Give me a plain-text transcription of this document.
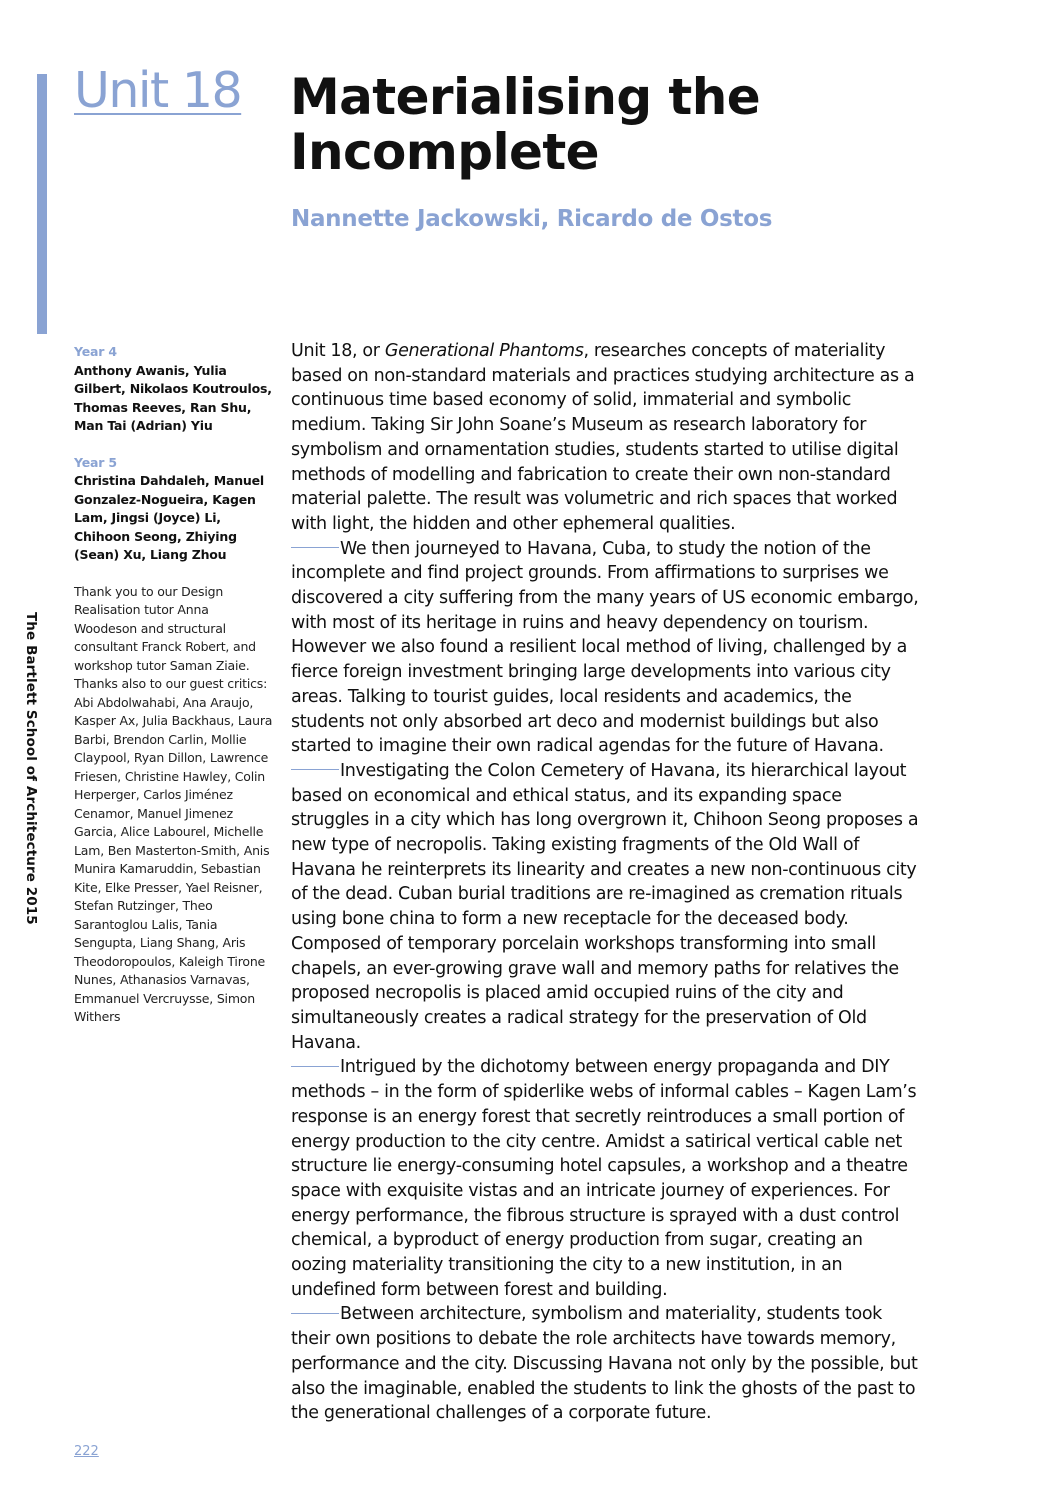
Unit 18 Materialising the Incomplete
Nannette Jackowski, Ricardo de Ostos
The Bartlett School of Architecture 2015
Year 4
Anthony Awanis, Yulia Gilbert, Nikolaos Koutroulos, Thomas Reeves, Ran Shu, Man Tai (Adrian) Yiu
Year 5
Christina Dahdaleh, Manuel Gonzalez-Nogueira, Kagen Lam, Jingsi (Joyce) Li, Chihoon Seong, Zhiying (Sean) Xu, Liang Zhou
Thank you to our Design Realisation tutor Anna Woodeson and structural consultant Franck Robert, and workshop tutor Saman Ziaie. Thanks also to our guest critics: Abi Abdolwahabi, Ana Araujo, Kasper Ax, Julia Backhaus, Laura Barbi, Brendon Carlin, Mollie Claypool, Ryan Dillon, Lawrence Friesen, Christine Hawley, Colin Herperger, Carlos Jiménez Cenamor, Manuel Jimenez Garcia, Alice Labourel, Michelle Lam, Ben Masterton-Smith, Anis Munira Kamaruddin, Sebastian Kite, Elke Presser, Yael Reisner, Stefan Rutzinger, Theo Sarantoglou Lalis, Tania Sengupta, Liang Shang, Aris Theodoropoulos, Kaleigh Tirone Nunes, Athanasios Varnavas, Emmanuel Vercruysse, Simon Withers

Unit 18, or Generational Phantoms, researches concepts of materiality based on non-standard materials and practices studying architecture as a continuous time based economy of solid, immaterial and symbolic medium. Taking Sir John Soane’s Museum as research laboratory for symbolism and ornamentation studies, students started to utilise digital methods of modelling and fabrication to create their own non-standard material palette. The result was volumetric and rich spaces that worked with light, the hidden and other ephemeral qualities.

We then journeyed to Havana, Cuba, to study the notion of the incomplete and find project grounds. From affirmations to surprises we discovered a city suffering from the many years of US economic embargo, with most of its heritage in ruins and heavy dependency on tourism. However we also found a resilient local method of living, challenged by a fierce foreign investment bringing large developments into various city areas. Talking to tourist guides, local residents and academics, the students not only absorbed art deco and modernist buildings but also started to imagine their own radical agendas for the future of Havana.

Investigating the Colon Cemetery of Havana, its hierarchical layout based on economical and ethical status, and its expanding space struggles in a city which has long overgrown it, Chihoon Seong proposes a new type of necropolis. Taking existing fragments of the Old Wall of Havana he reinterprets its linearity and creates a new non-continuous city of the dead. Cuban burial traditions are re-imagined as cremation rituals using bone china to form a new receptacle for the deceased body. Composed of temporary porcelain workshops transforming into small chapels, an ever-growing grave wall and memory paths for relatives the proposed necropolis is placed amid occupied ruins of the city and simultaneously creates a radical strategy for the preservation of Old Havana.

Intrigued by the dichotomy between energy propaganda and DIY methods – in the form of spiderlike webs of informal cables – Kagen Lam’s response is an energy forest that secretly reintroduces a small portion of energy production to the city centre. Amidst a satirical vertical cable net structure lie energy-consuming hotel capsules, a workshop and a theatre space with exquisite vistas and an intricate journey of experiences. For energy performance, the fibrous structure is sprayed with a dust control chemical, a byproduct of energy production from sugar, creating an oozing materiality transitioning the city to a new institution, in an undefined form between forest and building.

Between architecture, symbolism and materiality, students took their own positions to debate the role architects have towards memory, performance and the city. Discussing Havana not only by the possible, but also the imaginable, enabled the students to link the ghosts of the past to the generational challenges of a corporate future.

222
